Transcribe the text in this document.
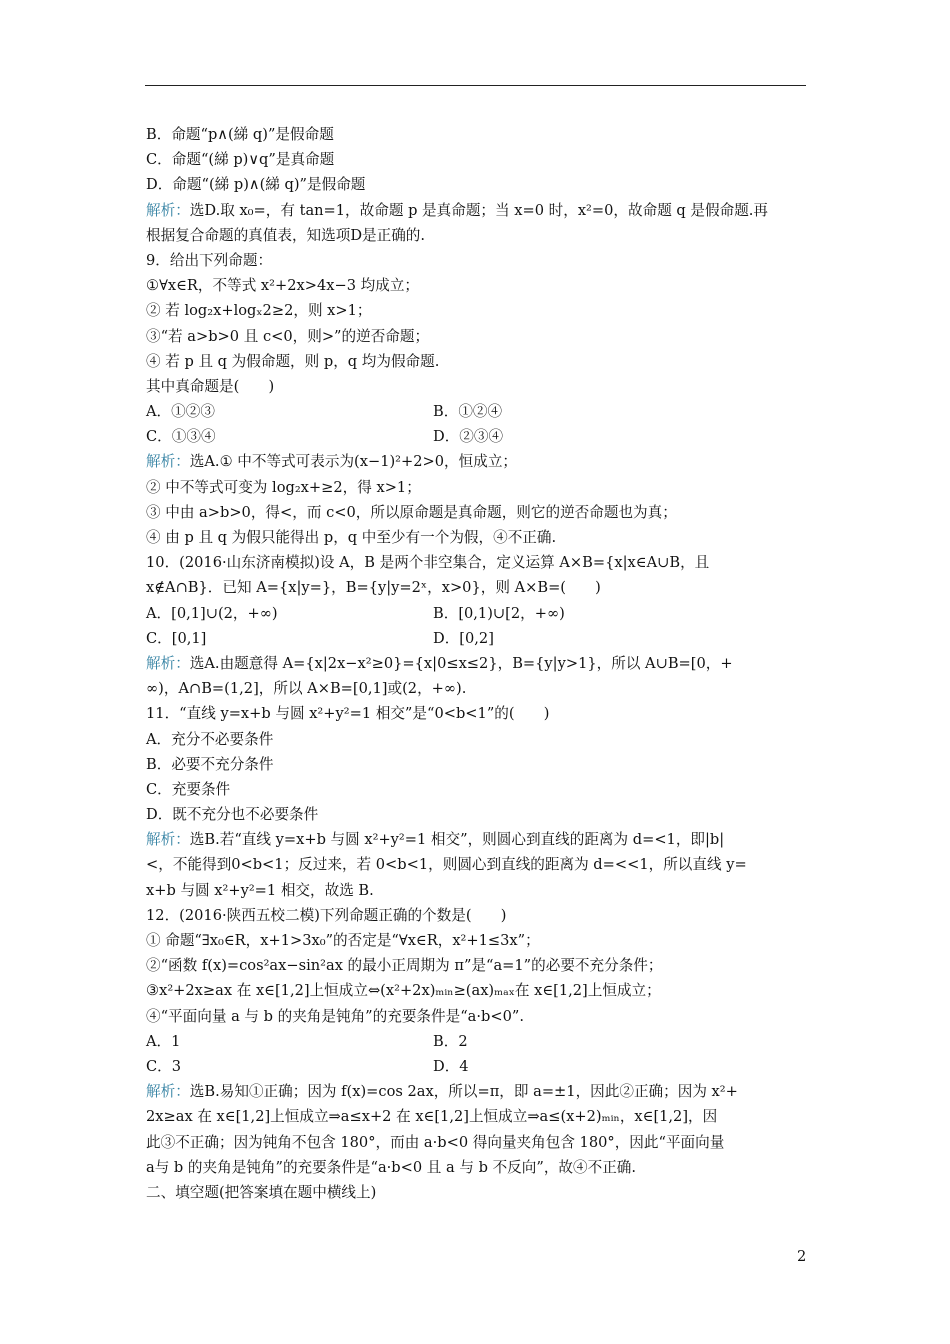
B．命题“p∧(綈 q)”是假命题
C．命题“(綈 p)∨q”是真命题
D．命题“(綈 p)∧(綈 q)”是假命题
解析：选D.取 x₀=，有 tan=1，故命题 p 是真命题；当 x=0 时，x²=0，故命题 q 是假命题.再
根据复合命题的真值表，知选项D是正确的.
9．给出下列命题：
①∀x∈R，不等式 x²+2x>4x−3 均成立；
② 若 log₂x+logₓ2≥2，则 x>1；
③“若 a>b>0 且 c<0，则>”的逆否命题；
④ 若 p 且 q 为假命题，则 p，q 均为假命题.
其中真命题是(　　)
A．①②③	B．①②④
C．①③④	D．②③④
解析：选A.① 中不等式可表示为(x−1)²+2>0，恒成立；
② 中不等式可变为 log₂x+≥2，得 x>1；
③ 中由 a>b>0，得<，而 c<0，所以原命题是真命题，则它的逆否命题也为真；
④ 由 p 且 q 为假只能得出 p，q 中至少有一个为假，④不正确.
10．(2016·山东济南模拟)设 A，B 是两个非空集合，定义运算 A×B={x|x∈A∪B，且
x∉A∩B}．已知 A={x|y=}，B={y|y=2ˣ，x>0}，则 A×B=(　　)
A．[0,1]∪(2，+∞)	B．[0,1)∪[2，+∞)
C．[0,1]	D．[0,2]
解析：选A.由题意得 A={x|2x−x²≥0}={x|0≤x≤2}，B={y|y>1}，所以 A∪B=[0，+
∞)，A∩B=(1,2]，所以 A×B=[0,1]或(2，+∞).
11．“直线 y=x+b 与圆 x²+y²=1 相交”是“0<b<1”的(　　)
A．充分不必要条件
B．必要不充分条件
C．充要条件
D．既不充分也不必要条件
解析：选B.若“直线 y=x+b 与圆 x²+y²=1 相交”，则圆心到直线的距离为 d=<1，即|b|
<，不能得到0<b<1；反过来，若 0<b<1，则圆心到直线的距离为 d=<<1，所以直线 y=
x+b 与圆 x²+y²=1 相交，故选 B.
12．(2016·陕西五校二模)下列命题正确的个数是(　　)
① 命题“∃x₀∈R，x+1>3x₀”的否定是“∀x∈R，x²+1≤3x”；
②“函数 f(x)=cos²ax−sin²ax 的最小正周期为 π”是“a=1”的必要不充分条件；
③x²+2x≥ax 在 x∈[1,2]上恒成立⇔(x²+2x)ₘᵢₙ≥(ax)ₘₐₓ在 x∈[1,2]上恒成立；
④“平面向量 a 与 b 的夹角是钝角”的充要条件是“a·b<0”.
A．1	B．2
C．3	D．4
解析：选B.易知①正确；因为 f(x)=cos 2ax，所以=π，即 a=±1，因此②正确；因为 x²+
2x≥ax 在 x∈[1,2]上恒成立⇒a≤x+2 在 x∈[1,2]上恒成立⇒a≤(x+2)ₘᵢₙ，x∈[1,2]，因
此③不正确；因为钝角不包含 180°，而由 a·b<0 得向量夹角包含 180°，因此“平面向量
a与 b 的夹角是钝角”的充要条件是“a·b<0 且 a 与 b 不反向”，故④不正确.
二、填空题(把答案填在题中横线上)
2
